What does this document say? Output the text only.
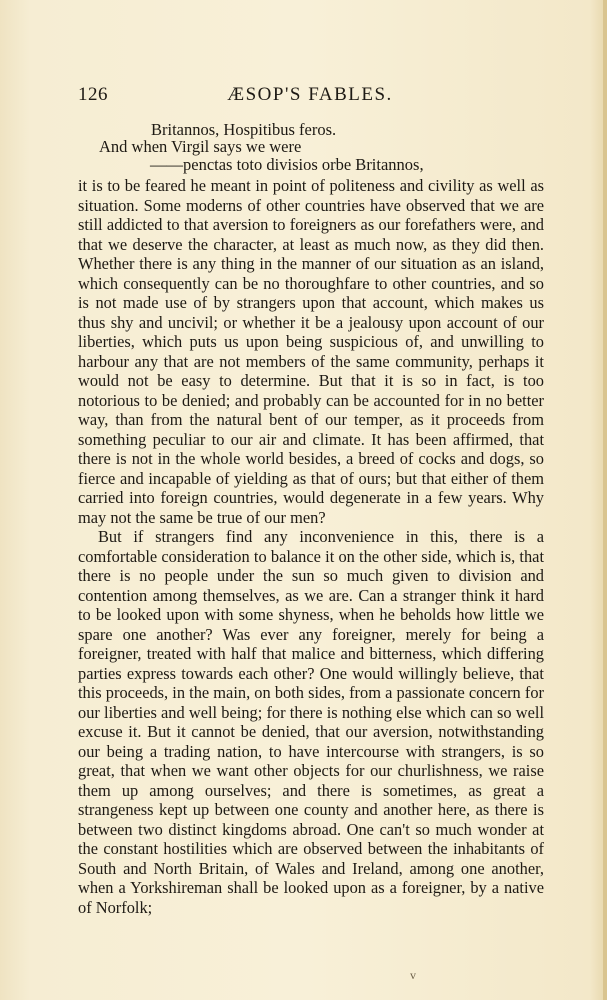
126	ÆSOP'S FABLES.
Britannos, Hospitibus feros.
And when Virgil says we were
——penctas toto divisios orbe Britannos,

it is to be feared he meant in point of politeness and civility as well as situation. Some moderns of other countries have observed that we are still addicted to that aversion to foreigners as our forefathers were, and that we deserve the character, at least as much now, as they did then. Whether there is any thing in the manner of our situation as an island, which consequently can be no thoroughfare to other countries, and so is not made use of by strangers upon that account, which makes us thus shy and uncivil; or whether it be a jealousy upon account of our liberties, which puts us upon being suspicious of, and unwilling to harbour any that are not members of the same community, perhaps it would not be easy to determine. But that it is so in fact, is too notorious to be denied; and probably can be accounted for in no better way, than from the natural bent of our temper, as it proceeds from something peculiar to our air and climate. It has been affirmed, that there is not in the whole world besides, a breed of cocks and dogs, so fierce and incapable of yielding as that of ours; but that either of them carried into foreign countries, would degenerate in a few years. Why may not the same be true of our men?

But if strangers find any inconvenience in this, there is a comfortable consideration to balance it on the other side, which is, that there is no people under the sun so much given to division and contention among themselves, as we are. Can a stranger think it hard to be looked upon with some shyness, when he beholds how little we spare one another? Was ever any foreigner, merely for being a foreigner, treated with half that malice and bitterness, which differing parties express towards each other? One would willingly believe, that this proceeds, in the main, on both sides, from a passionate concern for our liberties and well being; for there is nothing else which can so well excuse it. But it cannot be denied, that our aversion, notwithstanding our being a trading nation, to have intercourse with strangers, is so great, that when we want other objects for our churlishness, we raise them up among ourselves; and there is sometimes, as great a strangeness kept up between one county and another here, as there is between two distinct kingdoms abroad. One can't so much wonder at the constant hostilities which are observed between the inhabitants of South and North Britain, of Wales and Ireland, among one another, when a Yorkshireman shall be looked upon as a foreigner, by a native of Norfolk;

v
